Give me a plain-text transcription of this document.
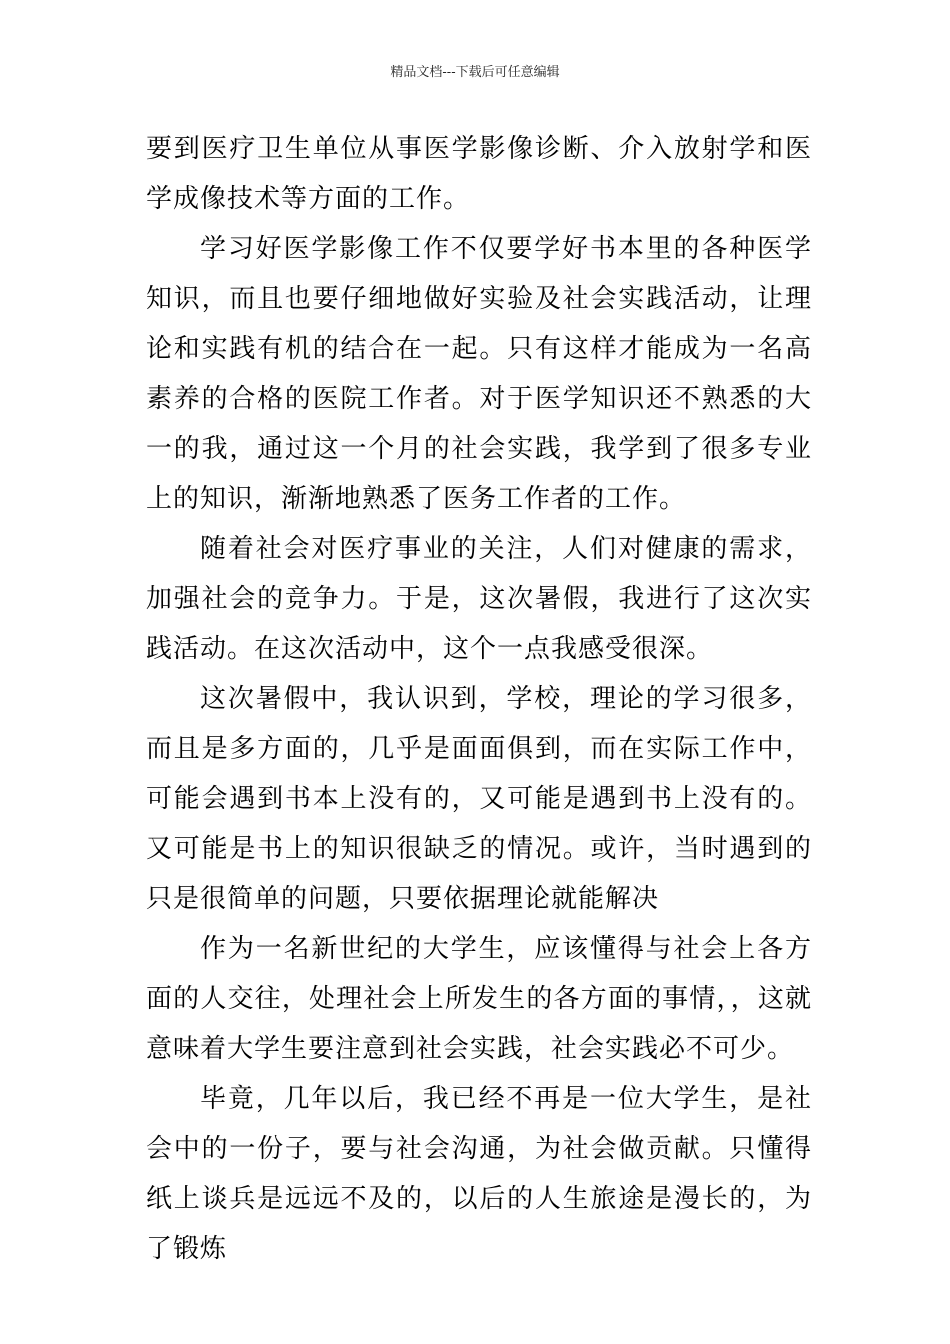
精品文档---下载后可任意编辑

要到医疗卫生单位从事医学影像诊断、介入放射学和医学成像技术等方面的工作。

学习好医学影像工作不仅要学好书本里的各种医学知识，而且也要仔细地做好实验及社会实践活动，让理论和实践有机的结合在一起。只有这样才能成为一名高素养的合格的医院工作者。对于医学知识还不熟悉的大一的我，通过这一个月的社会实践，我学到了很多专业上的知识，渐渐地熟悉了医务工作者的工作。

随着社会对医疗事业的关注，人们对健康的需求，加强社会的竞争力。于是，这次暑假，我进行了这次实践活动。在这次活动中，这个一点我感受很深。

这次暑假中，我认识到，学校，理论的学习很多，而且是多方面的，几乎是面面俱到，而在实际工作中，可能会遇到书本上没有的，又可能是遇到书上没有的。又可能是书上的知识很缺乏的情况。或许，当时遇到的只是很简单的问题，只要依据理论就能解决

作为一名新世纪的大学生，应该懂得与社会上各方面的人交往，处理社会上所发生的各方面的事情，，这就意味着大学生要注意到社会实践，社会实践必不可少。

毕竟，几年以后，我已经不再是一位大学生，是社会中的一份子，要与社会沟通，为社会做贡献。只懂得纸上谈兵是远远不及的，以后的人生旅途是漫长的，为了锻炼
